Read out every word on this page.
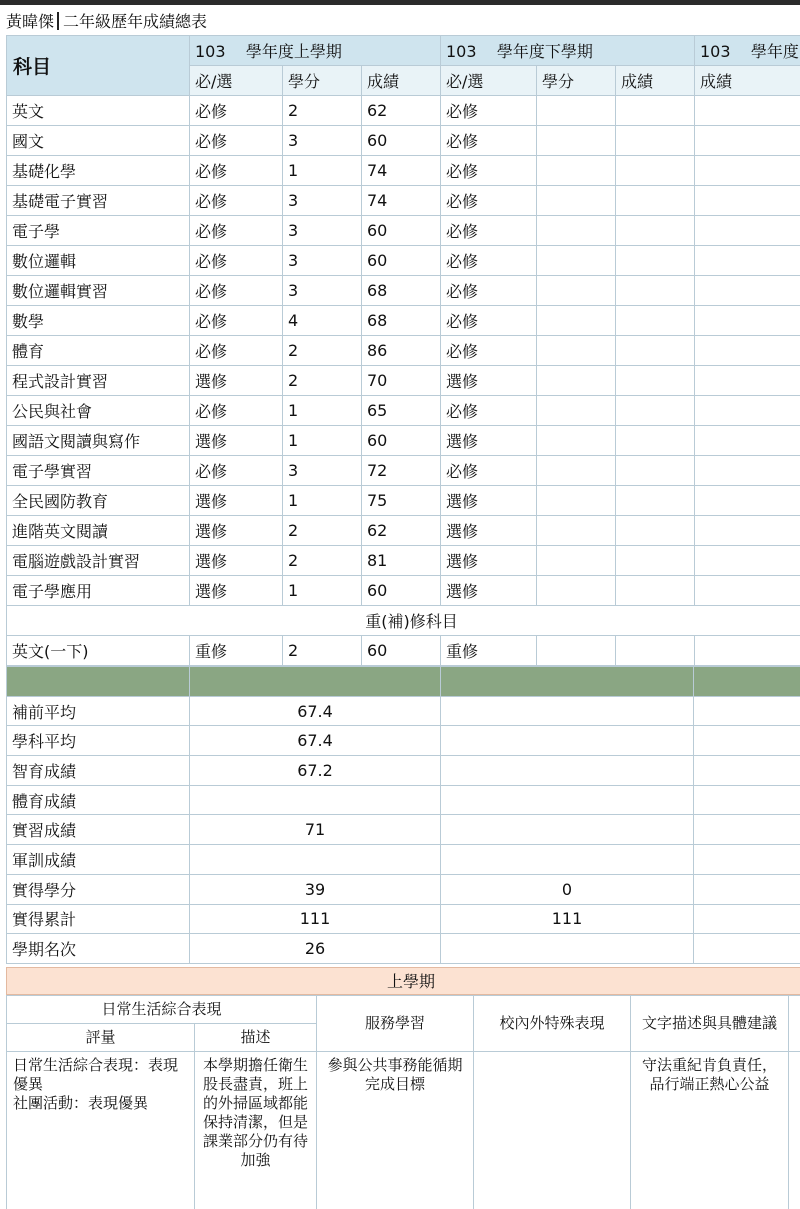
黃暐傑 二年級歷年成績總表
科目	103 學年度上學期			103 學年度下學期			103 學年度
	必/選	學分	成績	必/選	學分	成績	成績
英文	必修	2	62	必修			
國文	必修	3	60	必修			
基礎化學	必修	1	74	必修			
基礎電子實習	必修	3	74	必修			
電子學	必修	3	60	必修			
數位邏輯	必修	3	60	必修			
數位邏輯實習	必修	3	68	必修			
數學	必修	4	68	必修			
體育	必修	2	86	必修			
程式設計實習	選修	2	70	選修			
公民與社會	必修	1	65	必修			
國語文閱讀與寫作	選修	1	60	選修			
電子學實習	必修	3	72	必修			
全民國防教育	選修	1	75	選修			
進階英文閱讀	選修	2	62	選修			
電腦遊戲設計實習	選修	2	81	選修			
電子學應用	選修	1	60	選修			
重(補)修科目							
英文(一下)	重修	2	60	重修			

補前平均	67.4		
學科平均	67.4		
智育成績	67.2		
體育成績			
實習成績	71		
軍訓成績			
實得學分	39	0	
實得累計	111	111	
學期名次	26		
上學期
日常生活綜合表現		服務學習	校內外特殊表現	文字描述與具體建議	
評量	描述				
日常生活綜合表現：表現優異
社團活動：表現優異	本學期擔任衛生股長盡責，班上的外掃區域都能保持清潔，但是課業部分仍有待加強	參與公共事務能循期完成目標		守法重紀肯負責任，品行端正熱心公益	
